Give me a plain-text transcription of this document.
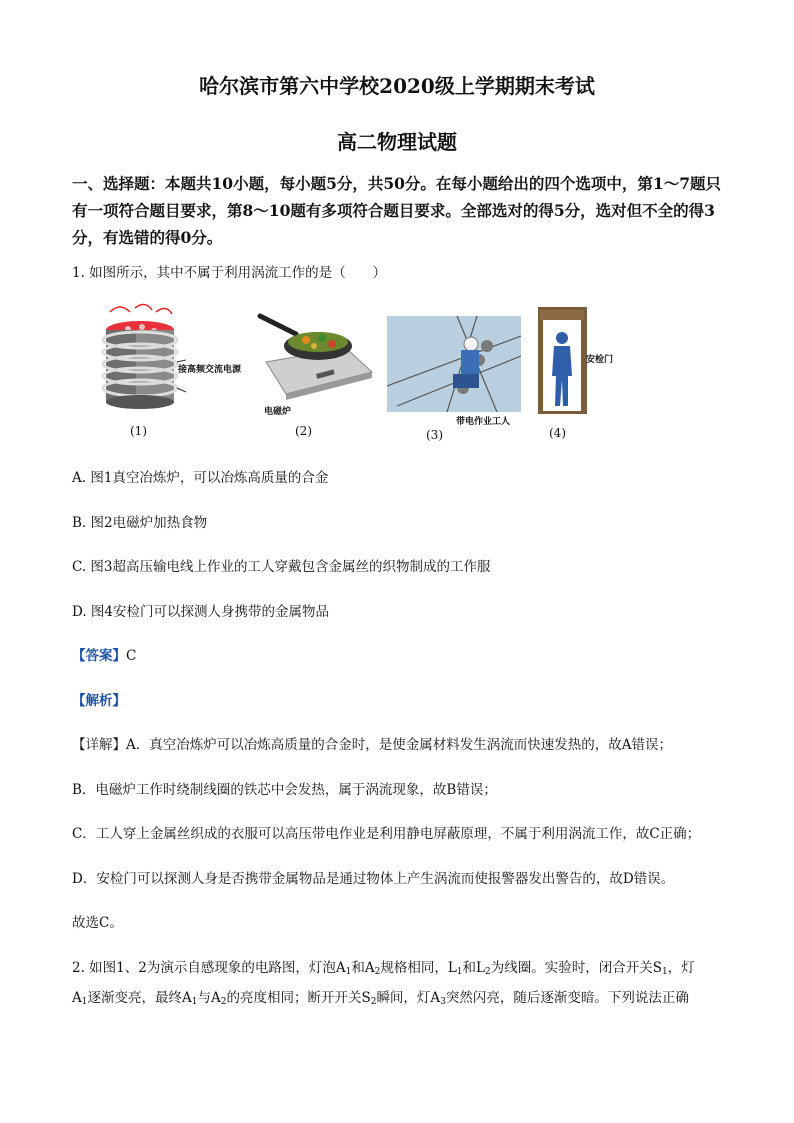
哈尔滨市第六中学校2020级上学期期末考试
高二物理试题
一、选择题：本题共10小题，每小题5分，共50分。在每小题给出的四个选项中，第1～7题只有一项符合题目要求，第8～10题有多项符合题目要求。全部选对的得5分，选对但不全的得3分，有选错的得0分。
1. 如图所示，其中不属于利用涡流工作的是（　　）
接高频交流电源
(1)
电磁炉
(2)
带电作业工人
(3)
安检门
(4)
A. 图1真空冶炼炉，可以冶炼高质量的合金
B. 图2电磁炉加热食物
C. 图3超高压输电线上作业的工人穿戴包含金属丝的织物制成的工作服
D. 图4安检门可以探测人身携带的金属物品
【答案】C
【解析】
【详解】A．真空冶炼炉可以冶炼高质量的合金时，是使金属材料发生涡流而快速发热的，故A错误；
B．电磁炉工作时绕制线圈的铁芯中会发热，属于涡流现象，故B错误；
C．工人穿上金属丝织成的衣服可以高压带电作业是利用静电屏蔽原理，不属于利用涡流工作，故C正确；
D．安检门可以探测人身是否携带金属物品是通过物体上产生涡流而使报警器发出警告的，故D错误。
故选C。
2. 如图1、2为演示自感现象的电路图，灯泡$A_1$和$A_2$规格相同，$L_1$和$L_2$为线圈。实验时，闭合开关$S_1$，灯
$A_1$逐渐变亮，最终$A_1$与$A_2$的亮度相同；断开开关$S_2$瞬间，灯$A_3$突然闪亮，随后逐渐变暗。下列说法正确
